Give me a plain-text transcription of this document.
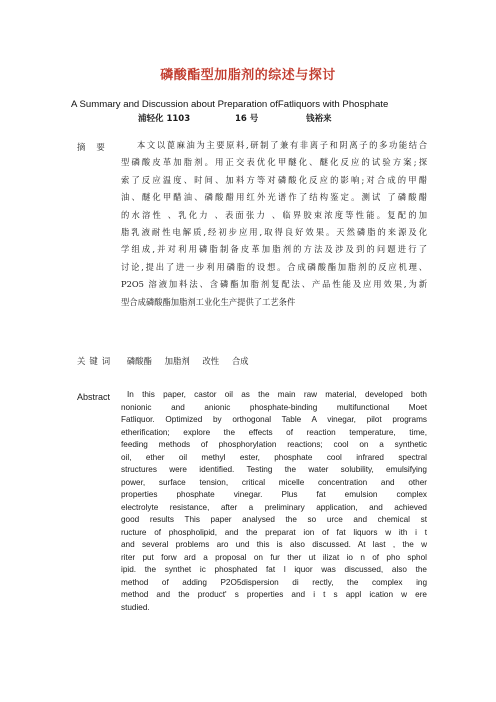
磷酸酯型加脂剂的综述与探讨
A Summary and Discussion about Preparation ofFatliquors with Phosphate
浦轻化 1103	16 号	钱裕来
摘要	本文以蓖麻油为主要原料,研制了兼有非离子和阴离子的多功能结合
型磷酸皮革加脂剂。用正交表优化甲醚化、醚化反应的试验方案;探
索了反应温度、时间、加料方等对磷酸化反应的影响;对合成的甲醋
油、醚化甲醋油、磷酸醋用红外光谱作了结构鉴定。测试 了磷酸醋
的水溶性 、乳化力 、表面张力 、临界胶束浓度等性能。复配的加
脂乳液耐性电解质,经初步应用,取得良好效果。天然磷脂的来源及化
学组成,并对利用磷脂制备皮革加脂剂的方法及涉及到的问题进行了
讨论,提出了进一步利用磷脂的设想。合成磷酸酯加脂剂的反应机理、
P2O5 溶液加料法、含磷酯加脂剂复配法、产品性能及应用效果,为新
型合成磷酸酯加脂剂工业化生产提供了工艺条件
关键词 磷酸酯 加脂剂 改性 合成
Abstract	In this paper, castor oil as the main raw material, developed both
nonionic and anionic phosphate-binding multifunctional Moet
Fatliquor. Optimized by orthogonal Table A vinegar, pilot programs
etherification; explore the effects of reaction temperature, time,
feeding methods of phosphorylation reactions; cool on a synthetic
oil, ether oil methyl ester, phosphate cool infrared spectral
structures were identified. Testing the water solubility, emulsifying
power, surface tension, critical micelle concentration and other
properties phosphate vinegar. Plus fat emulsion complex
electrolyte resistance, after a preliminary application, and achieved
good results This paper analysed the so urce and chemical st
ructure of phospholipid, and the preparat ion of fat liquors w ith i t
and several problems aro und this is also discussed. At last , the w
riter put forw ard a proposal on fur ther ut ilizat io n of pho sphol
ipid. the synthet ic phosphated fat l iquor was discussed, also the
method of adding P2O5dispersion di rectly, the complex ing
method and the product' s properties and i t s appl ication w ere
studied.
